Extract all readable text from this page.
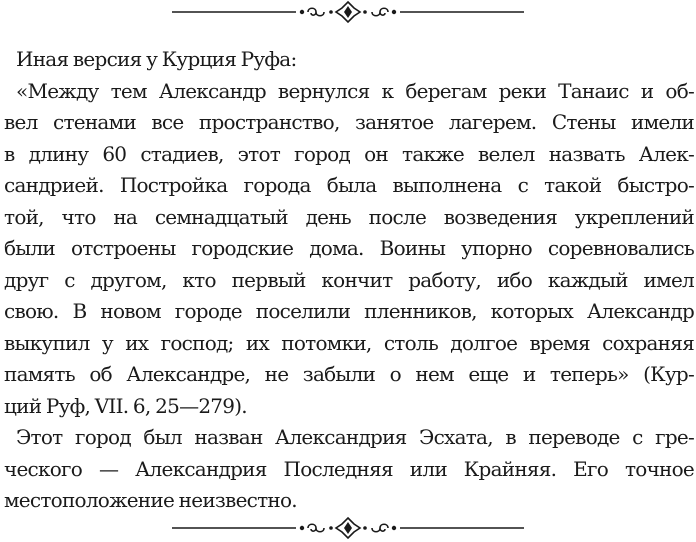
Иная версия у Курция Руфа:
«Между тем Александр вернулся к берегам реки Танаис и об-
вел стенами все пространство, занятое лагерем. Стены имели
в длину 60 стадиев, этот город он также велел назвать Алек-
сандрией. Постройка города была выполнена с такой быстро-
той, что на семнадцатый день после возведения укреплений
были отстроены городские дома. Воины упорно соревновались
друг с другом, кто первый кончит работу, ибо каждый имел
свою. В новом городе поселили пленников, которых Александр
выкупил у их господ; их потомки, столь долгое время сохраняя
память об Александре, не забыли о нем еще и теперь» (Кур-
ций Руф, VII. 6, 25—279).
Этот город был назван Александрия Эсхата, в переводе с гре-
ческого — Александрия Последняя или Крайняя. Его точное
местоположение неизвестно.
